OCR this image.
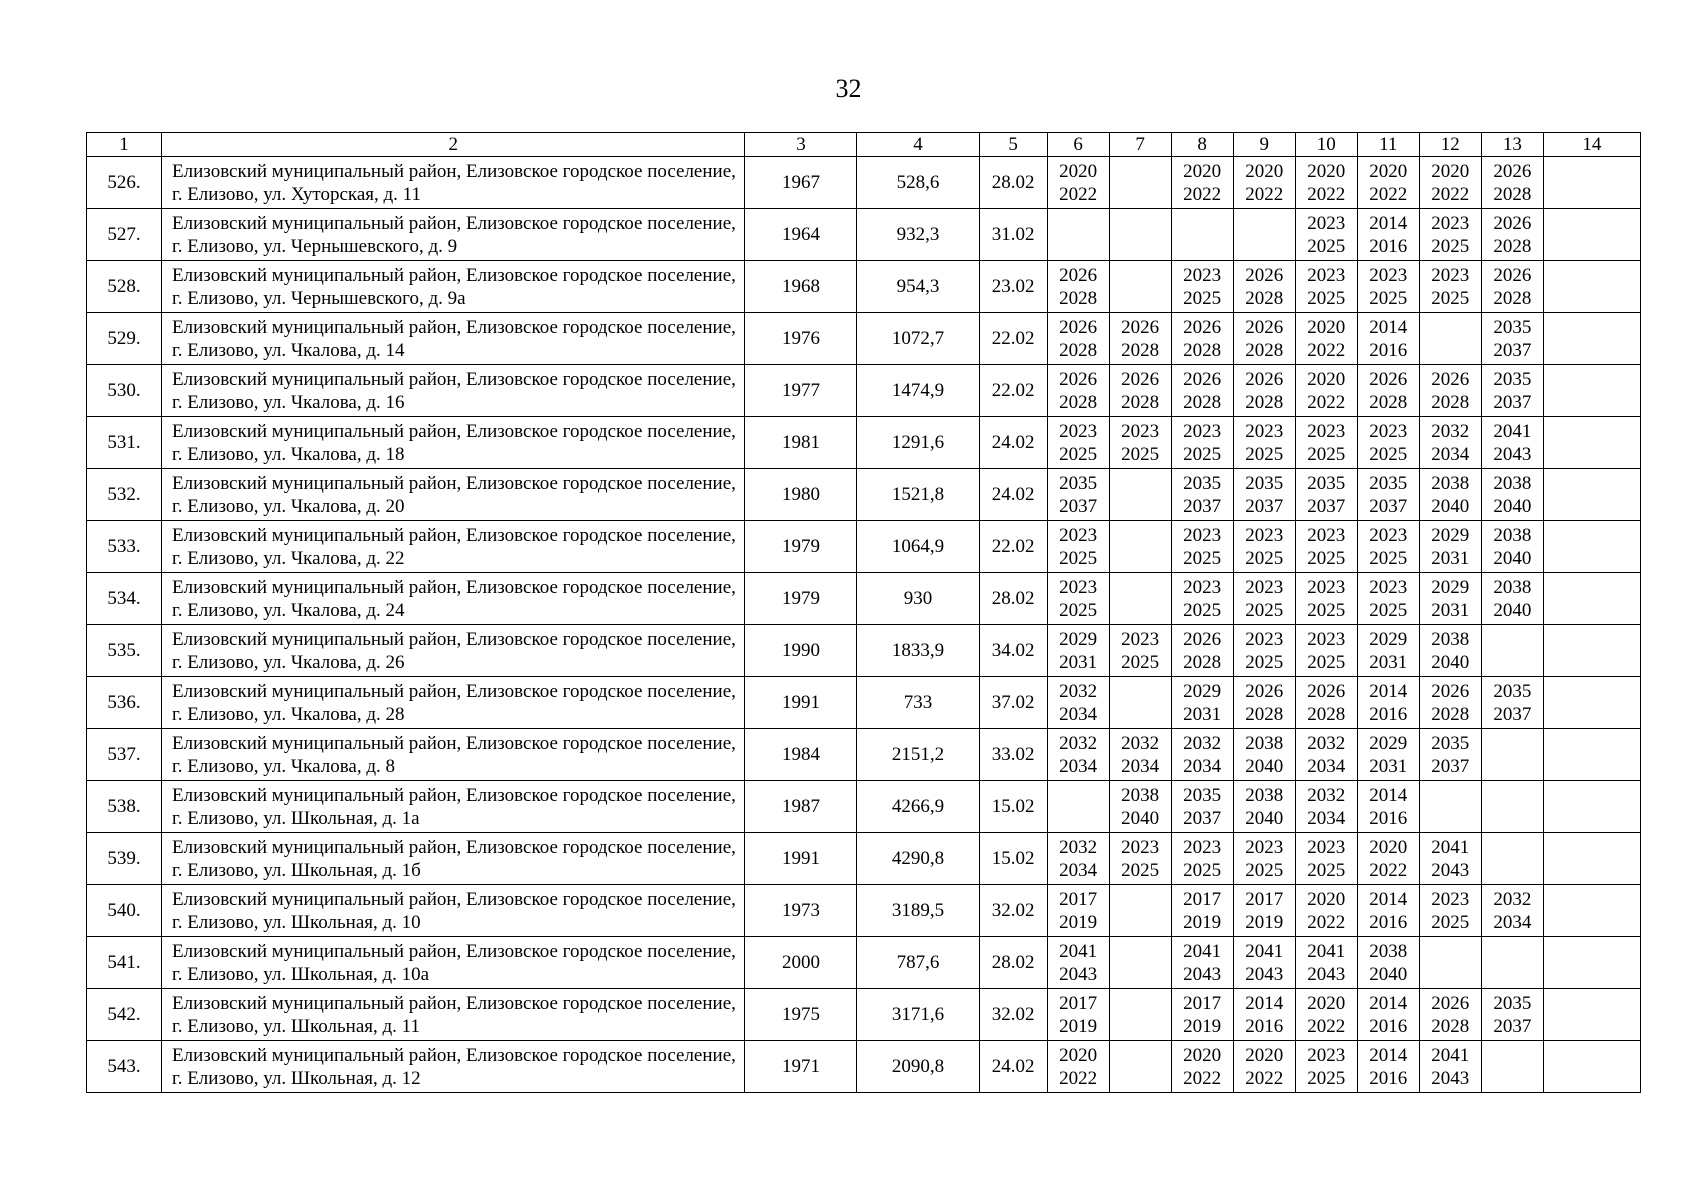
32
1	2	3	4	5	6	7	8	9	10	11	12	13	14
526.	Елизовский муниципальный район, Елизовское городское поселение, г. Елизово, ул. Хуторская, д. 11	1967	528,6	28.02	2020
2022		2020
2022	2020
2022	2020
2022	2020
2022	2020
2022	2026
2028	

527.	Елизовский муниципальный район, Елизовское городское поселение, г. Елизово, ул. Чернышевского, д. 9	1964	932,3	31.02					2023
2025	2014
2016	2023
2025	2026
2028	

528.	Елизовский муниципальный район, Елизовское городское поселение, г. Елизово, ул. Чернышевского, д. 9а	1968	954,3	23.02	2026
2028		2023
2025	2026
2028	2023
2025	2023
2025	2023
2025	2026
2028	

529.	Елизовский муниципальный район, Елизовское городское поселение, г. Елизово, ул. Чкалова, д. 14	1976	1072,7	22.02	2026
2028	2026
2028	2026
2028	2026
2028	2020
2022	2014
2016		2035
2037	

530.	Елизовский муниципальный район, Елизовское городское поселение, г. Елизово, ул. Чкалова, д. 16	1977	1474,9	22.02	2026
2028	2026
2028	2026
2028	2026
2028	2020
2022	2026
2028	2026
2028	2035
2037	

531.	Елизовский муниципальный район, Елизовское городское поселение, г. Елизово, ул. Чкалова, д. 18	1981	1291,6	24.02	2023
2025	2023
2025	2023
2025	2023
2025	2023
2025	2023
2025	2032
2034	2041
2043	

532.	Елизовский муниципальный район, Елизовское городское поселение, г. Елизово, ул. Чкалова, д. 20	1980	1521,8	24.02	2035
2037		2035
2037	2035
2037	2035
2037	2035
2037	2038
2040	2038
2040	

533.	Елизовский муниципальный район, Елизовское городское поселение, г. Елизово, ул. Чкалова, д. 22	1979	1064,9	22.02	2023
2025		2023
2025	2023
2025	2023
2025	2023
2025	2029
2031	2038
2040	

534.	Елизовский муниципальный район, Елизовское городское поселение, г. Елизово, ул. Чкалова, д. 24	1979	930	28.02	2023
2025		2023
2025	2023
2025	2023
2025	2023
2025	2029
2031	2038
2040	

535.	Елизовский муниципальный район, Елизовское городское поселение, г. Елизово, ул. Чкалова, д. 26	1990	1833,9	34.02	2029
2031	2023
2025	2026
2028	2023
2025	2023
2025	2029
2031	2038
2040		

536.	Елизовский муниципальный район, Елизовское городское поселение, г. Елизово, ул. Чкалова, д. 28	1991	733	37.02	2032
2034		2029
2031	2026
2028	2026
2028	2014
2016	2026
2028	2035
2037	

537.	Елизовский муниципальный район, Елизовское городское поселение, г. Елизово, ул. Чкалова, д. 8	1984	2151,2	33.02	2032
2034	2032
2034	2032
2034	2038
2040	2032
2034	2029
2031	2035
2037		

538.	Елизовский муниципальный район, Елизовское городское поселение, г. Елизово, ул. Школьная, д. 1а	1987	4266,9	15.02		2038
2040	2035
2037	2038
2040	2032
2034	2014
2016			

539.	Елизовский муниципальный район, Елизовское городское поселение, г. Елизово, ул. Школьная, д. 1б	1991	4290,8	15.02	2032
2034	2023
2025	2023
2025	2023
2025	2023
2025	2020
2022	2041
2043		

540.	Елизовский муниципальный район, Елизовское городское поселение, г. Елизово, ул. Школьная, д. 10	1973	3189,5	32.02	2017
2019		2017
2019	2017
2019	2020
2022	2014
2016	2023
2025	2032
2034	

541.	Елизовский муниципальный район, Елизовское городское поселение, г. Елизово, ул. Школьная, д. 10а	2000	787,6	28.02	2041
2043		2041
2043	2041
2043	2041
2043	2038
2040			

542.	Елизовский муниципальный район, Елизовское городское поселение, г. Елизово, ул. Школьная, д. 11	1975	3171,6	32.02	2017
2019		2017
2019	2014
2016	2020
2022	2014
2016	2026
2028	2035
2037	

543.	Елизовский муниципальный район, Елизовское городское поселение, г. Елизово, ул. Школьная, д. 12	1971	2090,8	24.02	2020
2022		2020
2022	2020
2022	2023
2025	2014
2016	2041
2043		
